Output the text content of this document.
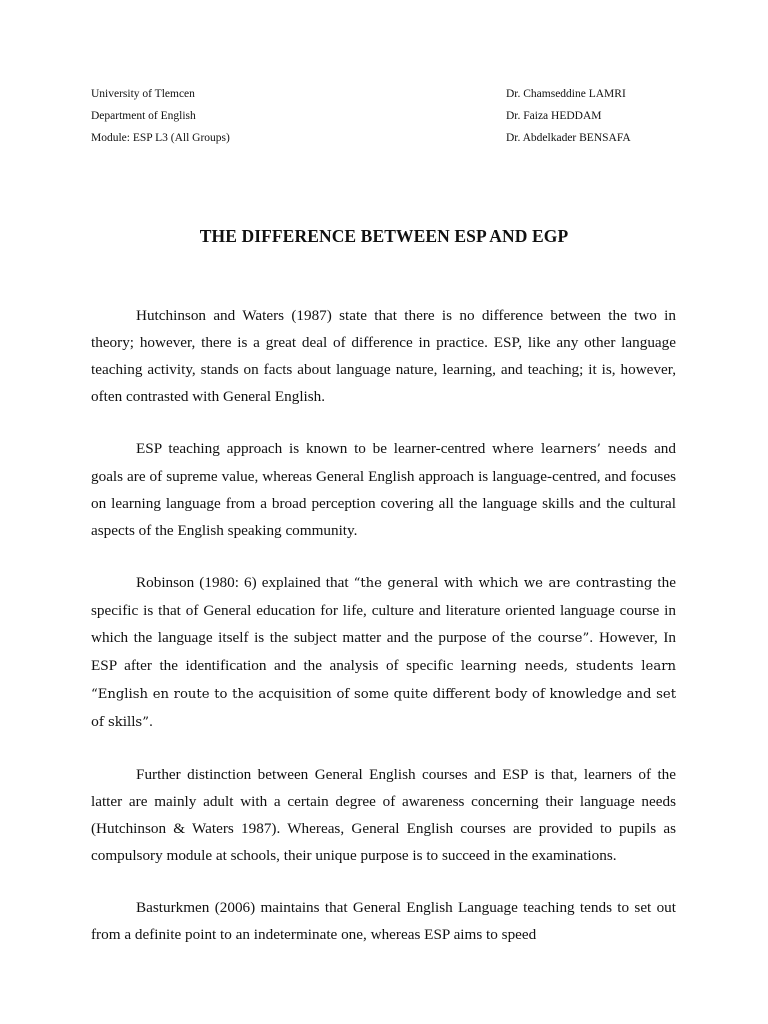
University of Tlemcen
Department of English
Module: ESP L3 (All Groups)
Dr. Chamseddine LAMRI
Dr. Faiza HEDDAM
Dr. Abdelkader BENSAFA
THE DIFFERENCE BETWEEN ESP AND EGP

Hutchinson and Waters (1987) state that there is no difference between the two in theory; however, there is a great deal of difference in practice. ESP, like any other language teaching activity, stands on facts about language nature, learning, and teaching; it is, however, often contrasted with General English.

ESP teaching approach is known to be learner-centred where learners’ needs and goals are of supreme value, whereas General English approach is language-centred, and focuses on learning language from a broad perception covering all the language skills and the cultural aspects of the English speaking community.

Robinson (1980: 6) explained that “the general with which we are contrasting the specific is that of General education for life, culture and literature oriented language course in which the language itself is the subject matter and the purpose of the course”. However, In ESP after the identification and the analysis of specific learning needs, students learn “English en route to the acquisition of some quite different body of knowledge and set of skills”.

Further distinction between General English courses and ESP is that, learners of the latter are mainly adult with a certain degree of awareness concerning their language needs (Hutchinson & Waters 1987). Whereas, General English courses are provided to pupils as compulsory module at schools, their unique purpose is to succeed in the examinations.

Basturkmen (2006) maintains that General English Language teaching tends to set out from a definite point to an indeterminate one, whereas ESP aims to speed
